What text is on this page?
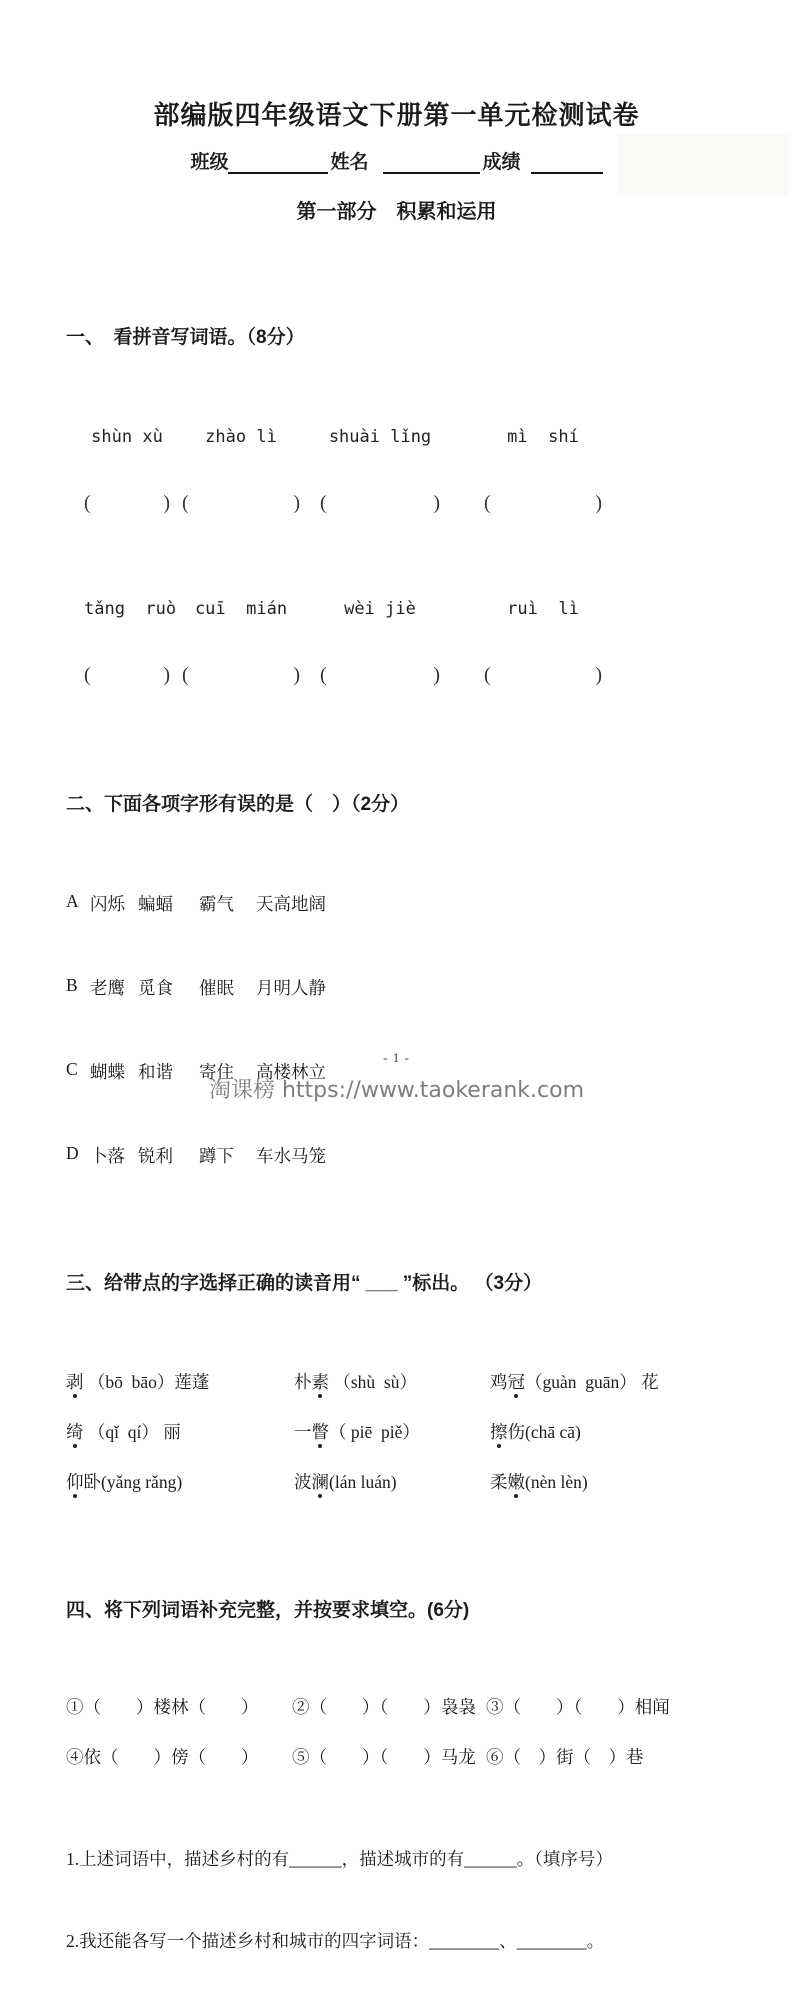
部编版四年级语文下册第一单元检测试卷
班级	姓名	成绩
第一部分　积累和运用

一、　看拼音写词语。（8分）

shùn xù	zhào lì	shuài lǐng	mì  shí

(	) (	) (	) (	)

tǎng  ruò	cuī  mián	wèi jiè	ruì  lì

(	) (	) (	) (	)

二、下面各项字形有误的是（　）（2分）

A 闪烁 蝙蝠	霸气	天高地阔

B 老鹰 觅食	催眠	月明人静

C 蝴蝶 和谐	寄住	高楼林立

D 卜落 锐利	蹲下	车水马笼

三、给带点的字选择正确的读音用“ ___ ”标出。 （3分）

剥 （bō  bāo）莲蓬	朴素 （shù  sù）	鸡冠（guàn  guān） 花
绮 （qǐ  qí） 丽	一瞥（ piē  piě）	擦伤(chā cā)
仰卧(yǎng rǎng)	波澜(lán luán)	柔嫩(nèn lèn)

四、将下列词语补充完整，并按要求填空。(6分)

①（　　）楼林（　　）	②（　　）（　　）袅袅 ③（　　）（　　）相闻
④依（　　）傍（　　）	⑤（　　）（　　）马龙 ⑥（　）街（　）巷

1.上述词语中，描述乡村的有______，描述城市的有______。（填序号）

2.我还能各写一个描述乡村和城市的四字词语：________、________。

- 1 -
淘课榜 https://www.taokerank.com
